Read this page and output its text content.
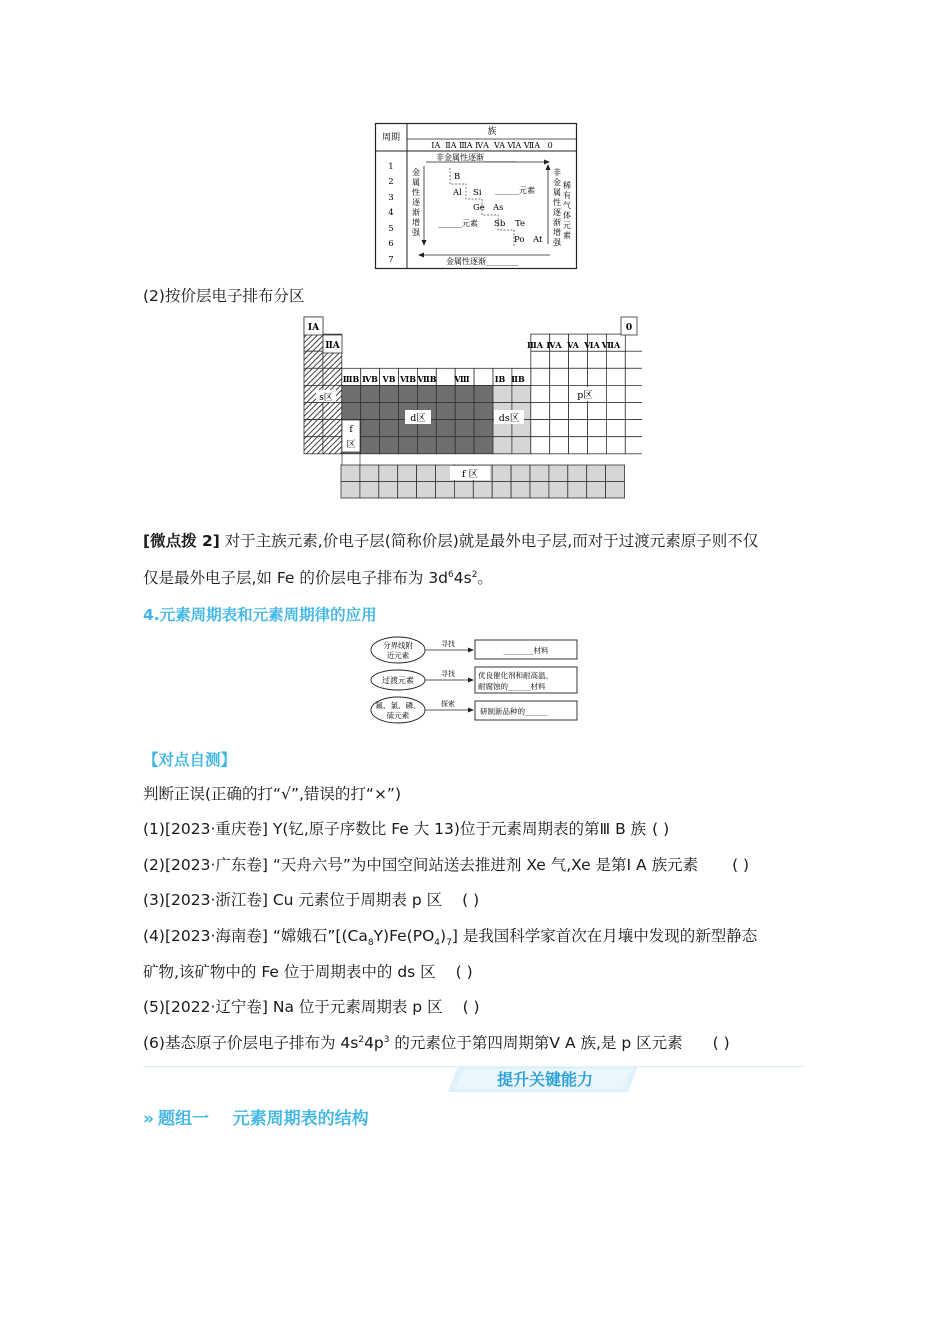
周期
族
IA  ⅡA ⅢA ⅣA  VA ⅥA ⅦA   0
1
2
3
4
5
6
7
非金属性逐渐________
金
属
性
逐
渐
增
强
非
金
属
性
逐
渐
增
强
稀
有
气
体
元
素
B
Al Si
Ge As
Sb Te
Po At
______元素
______元素
金属性逐渐________
(2)按价层电子排布分区
IA
ⅡA
0
ⅢA ⅣA VA ⅥA ⅦA
ⅢB ⅣB VB ⅥB ⅦB Ⅷ	IB ⅡB
s区
d区	ds区
p区
f
区
f 区
[微点拨 2] 对于主族元素,价电子层(简称价层)就是最外电子层,而对于过渡元素原子则不仅
仅是最外电子层,如 Fe 的价层电子排布为 $3d^64s^2$。
4.元素周期表和元素周期律的应用
分界线附
近元素
过渡元素
氟、氯、磷、
硫元素
寻找
寻找
探索
________材料
优良催化剂和耐高温、
耐腐蚀的______材料
研制新品种的______
【对点自测】
判断正误(正确的打“√”,错误的打“×”)
(1)[2023·重庆卷] Y(钇,原子序数比 Fe 大 13)位于元素周期表的第Ⅲ B 族 ( )
(2)[2023·广东卷] “天舟六号”为中国空间站送去推进剂 Xe 气,Xe 是第Ⅰ A 族元素 ( )
(3)[2023·浙江卷] Cu 元素位于周期表 p 区 ( )
(4)[2023·海南卷] “嫦娥石$”[(Ca_8Y)Fe(PO_4)_7]$ 是我国科学家首次在月壤中发现的新型静态
矿物,该矿物中的 Fe 位于周期表中的 ds 区 ( )
(5)[2022·辽宁卷] Na 位于元素周期表 p 区 ( )
(6)基态原子价层电子排布为 $4s^24p^3$ 的元素位于第四周期第Ⅴ A 族,是 p 区元素 ( )
提升关键能力
» 题组一    元素周期表的结构
